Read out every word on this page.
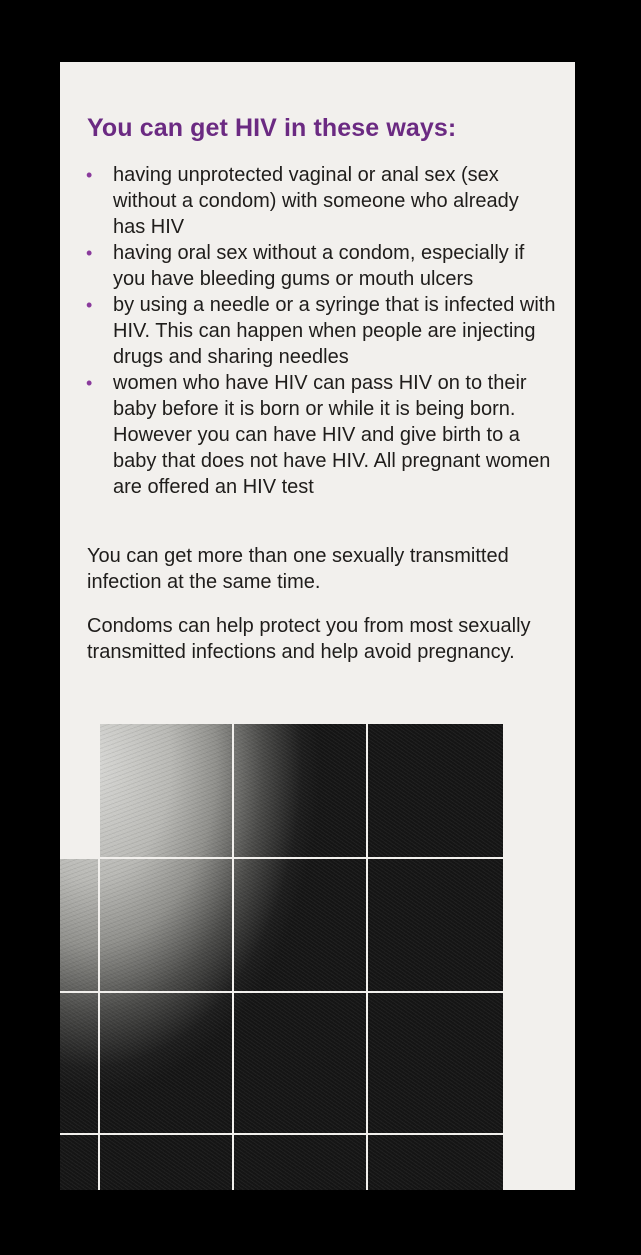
You can get HIV in these ways:
• having unprotected vaginal or anal sex (sex without a condom) with someone who already has HIV
• having oral sex without a condom, especially if you have bleeding gums or mouth ulcers
• by using a needle or a syringe that is infected with HIV. This can happen when people are injecting drugs and sharing needles
• women who have HIV can pass HIV on to their baby before it is born or while it is being born. However you can have HIV and give birth to a baby that does not have HIV. All pregnant women are offered an HIV test

You can get more than one sexually transmitted infection at the same time.

Condoms can help protect you from most sexually transmitted infections and help avoid pregnancy.
